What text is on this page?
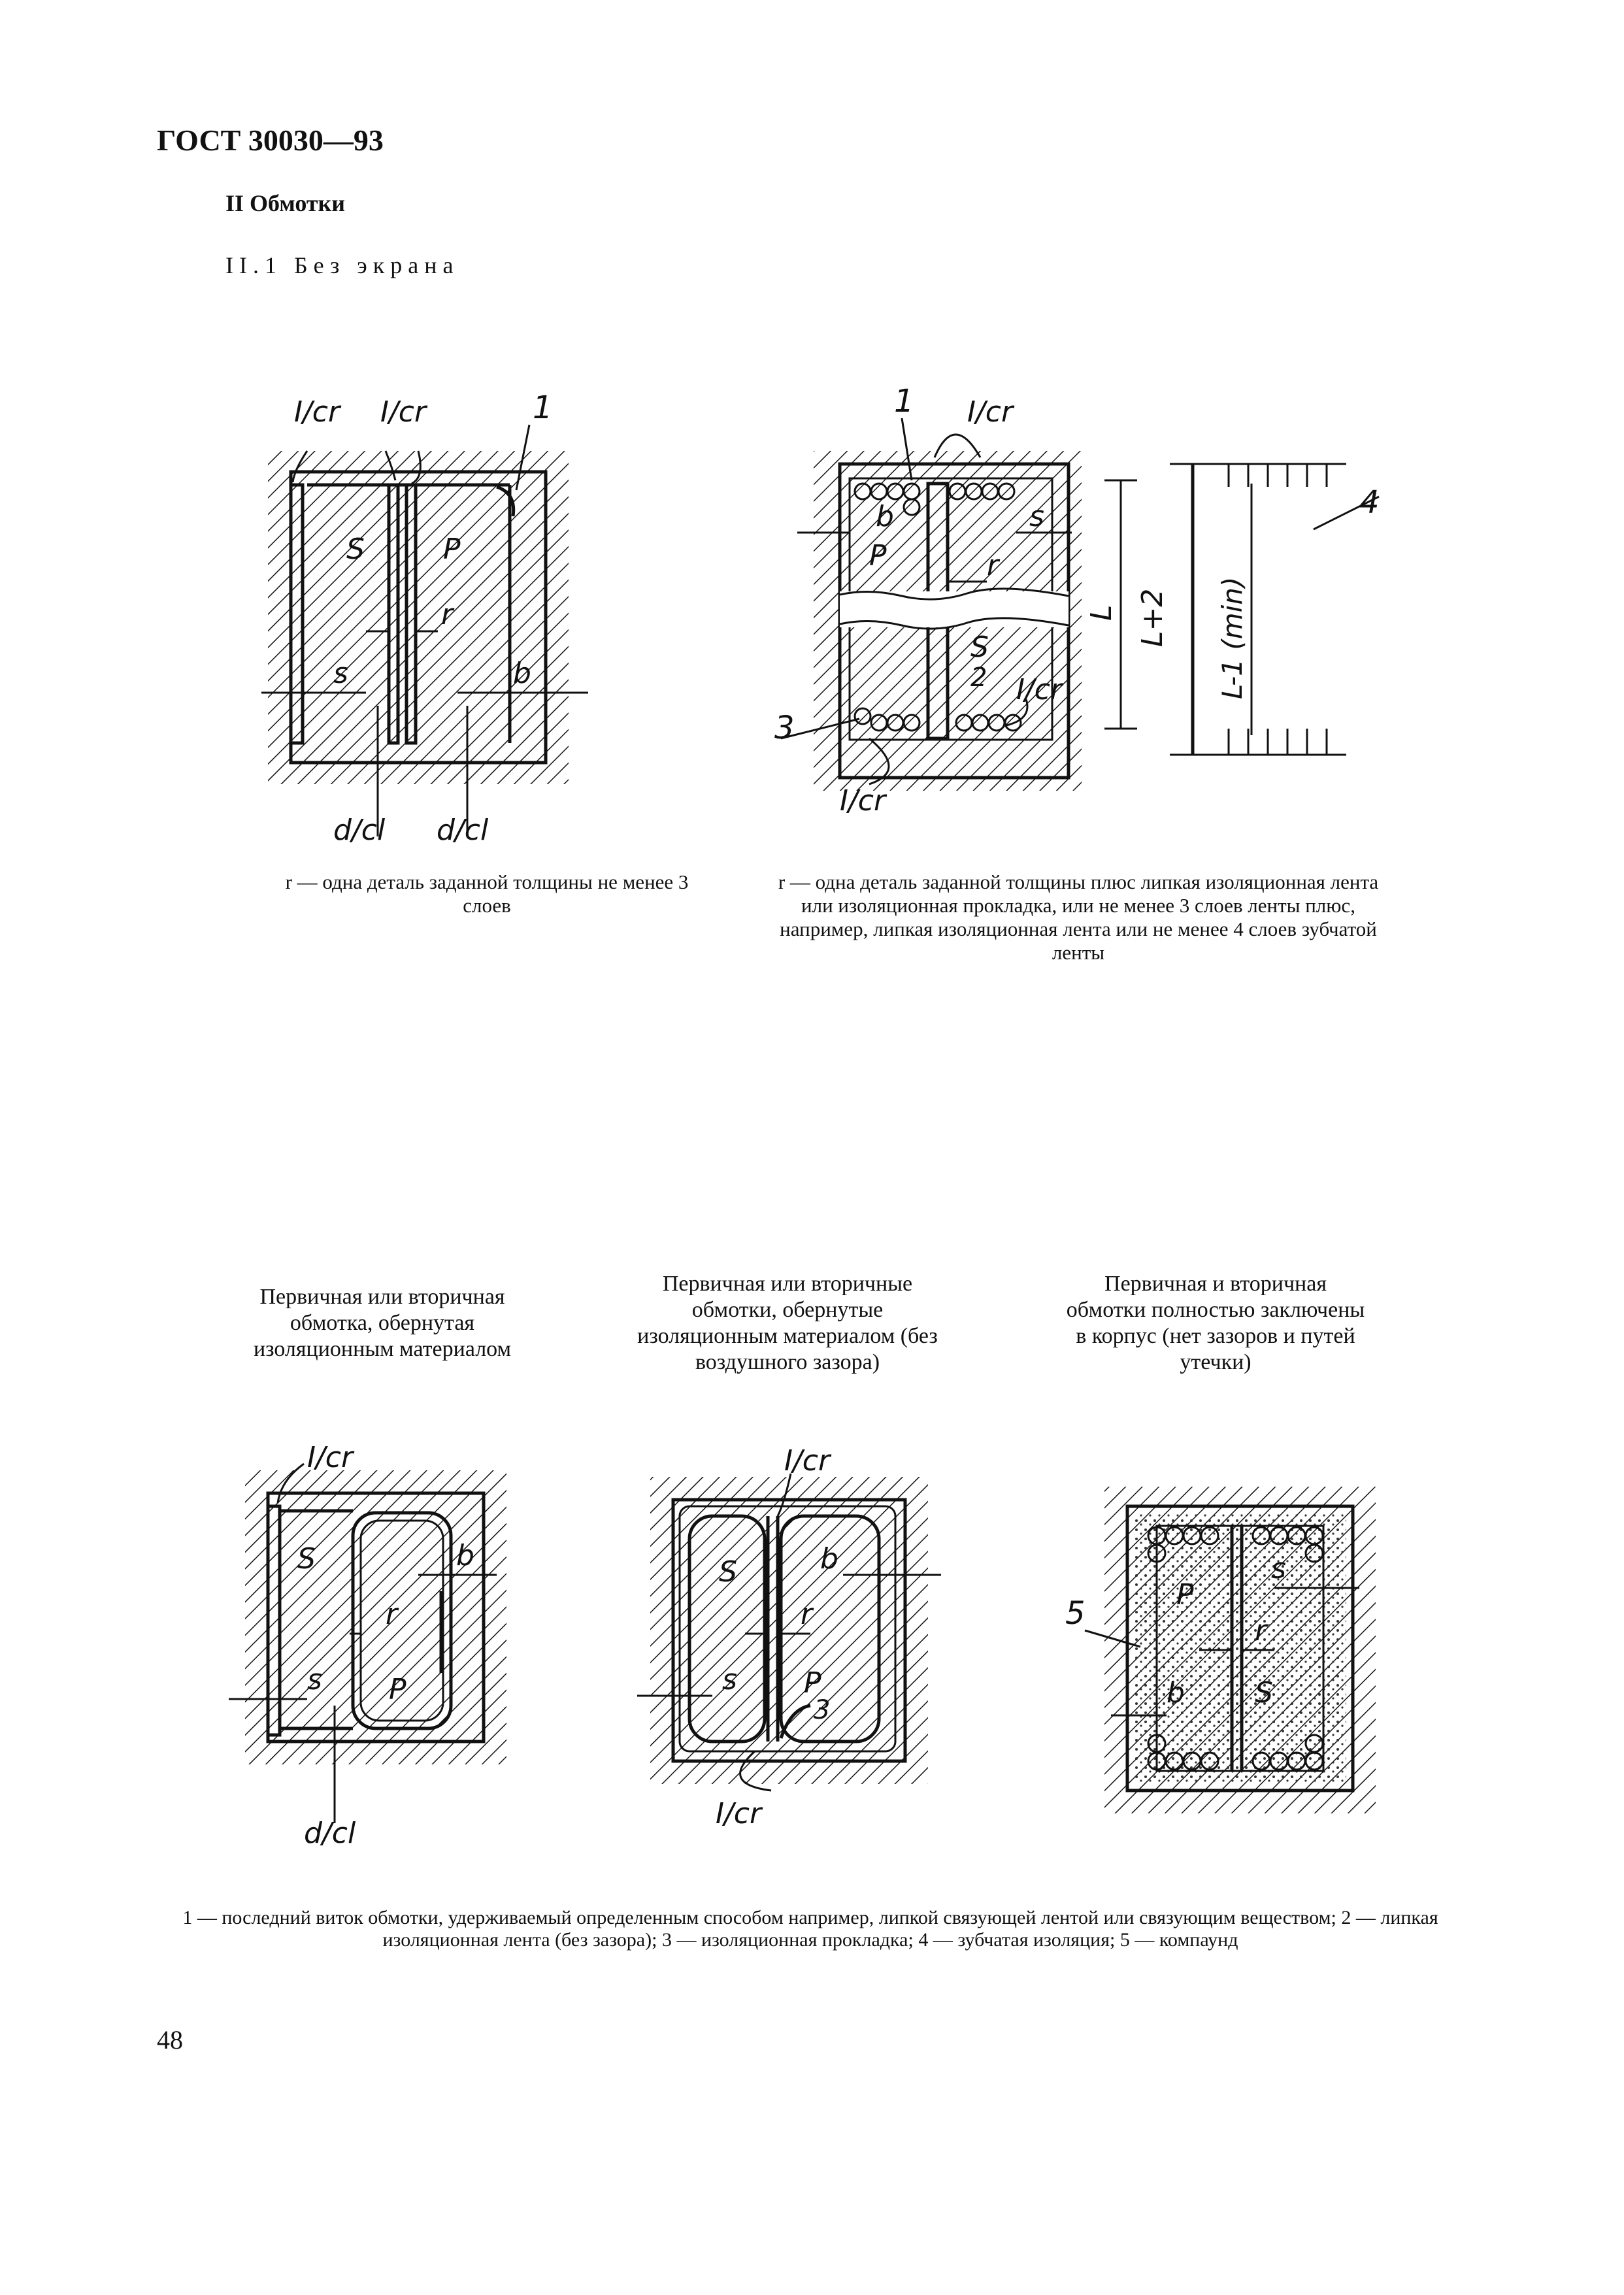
ГОСТ 30030—93
II Обмотки
II.1 Без экрана
I/cr I/cr	1
S	P
r
s	b
d/cl d/cl
1 I/cr
b	s
P	r
S
2 I/cr
3
I/cr
L L+2 L-1 (min)
4
I/cr
S	b
r
s P
d/cl
I/cr
S	b
r
s P
3
I/cr
5
P
s
r
b S
r — одна деталь заданной толщины не менее 3 слоев
r — одна деталь заданной толщины плюс липкая изоляционная лента или изоляционная прокладка, или не менее 3 слоев ленты плюс, например, липкая изоляционная лента или не менее 4 слоев зубчатой ленты
Первичная или вторичная обмотка, обернутая изоляционным материалом
Первичная или вторичные обмотки, обернутые изоляционным материалом (без воздушного зазора)
Первичная и вторичная обмотки полностью заключены в корпус (нет зазоров и путей утечки)
1 — последний виток обмотки, удерживаемый определенным способом например, липкой связующей лентой или связующим веществом; 2 — липкая изоляционная лента (без зазора); 3 — изоляционная прокладка; 4 — зубчатая изоляция; 5 — компаунд
48
